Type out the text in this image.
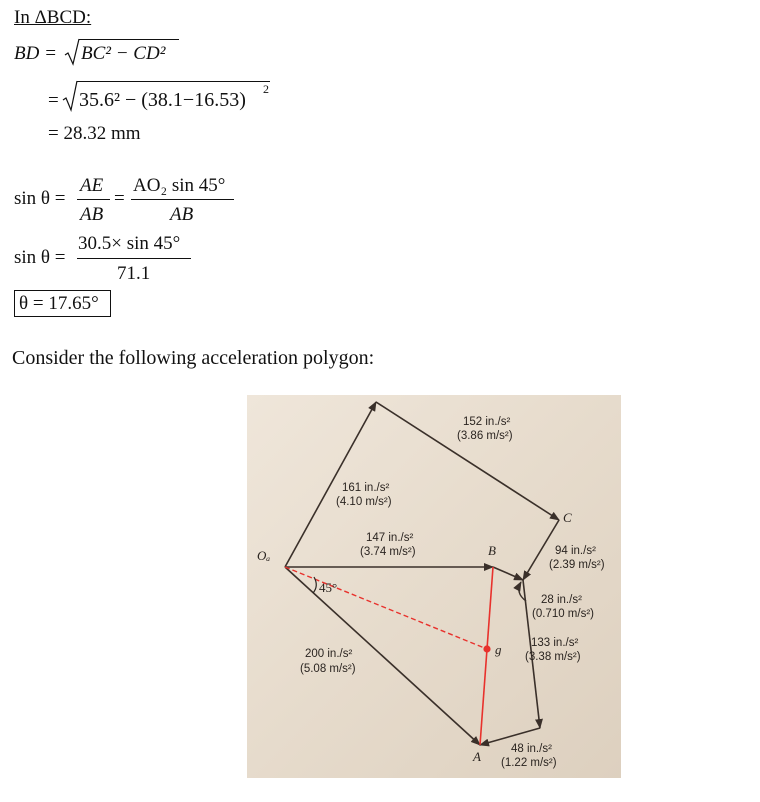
In ΔBCD:
BD = BC² − CD²
= 35.6² − (38.1−16.53) 2
= 28.32 mm
sin θ =
AE
AB
=
AO₂ sin 45°
AB
sin θ =
30.5× sin 45°
71.1
θ = 17.65°
Consider the following acceleration polygon:
152 in./s²
(3.86 m/s²)
161 in./s²
(4.10 m/s²)
147 in./s²
(3.74 m/s²)
Oₐ	B
C
A
g
45°
94 in./s²
(2.39 m/s²)
28 in./s²
(0.710 m/s²)
133 in./s²
(3.38 m/s²)
200 in./s²
(5.08 m/s²)
48 in./s²
(1.22 m/s²)
